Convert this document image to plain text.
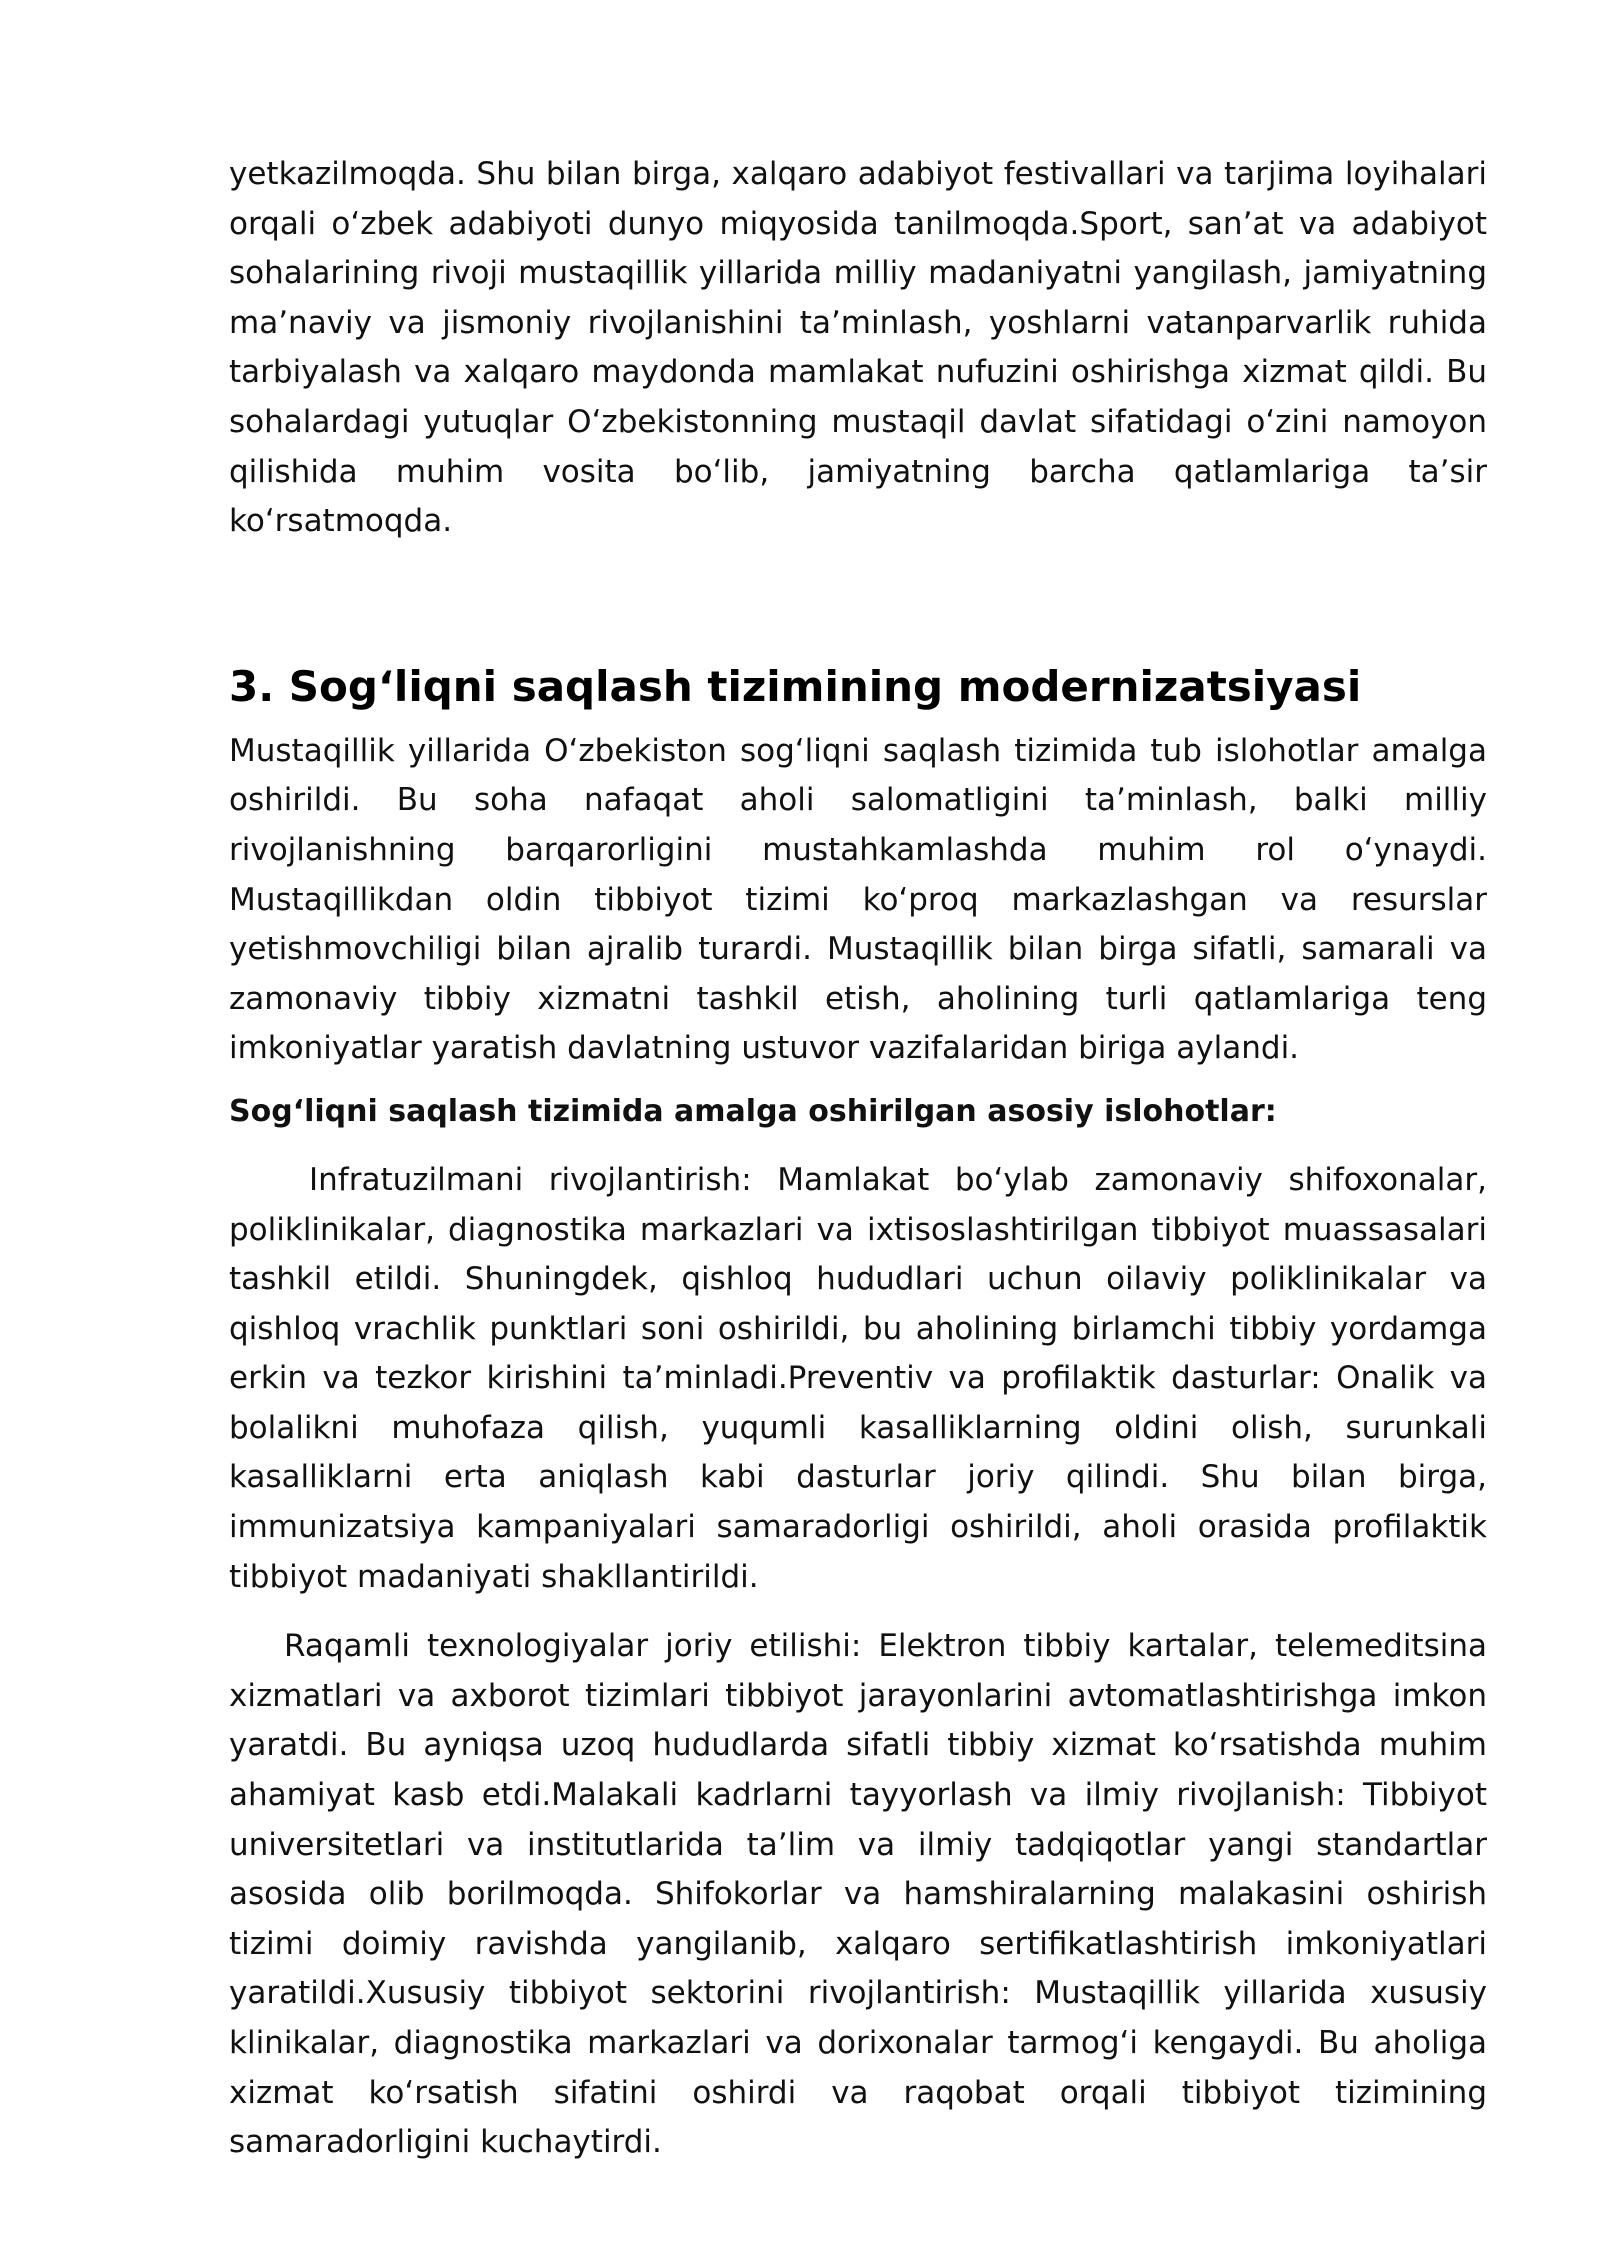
yetkazilmoqda. Shu bilan birga, xalqaro adabiyot festivallari va tarjima loyihalari orqali oʻzbek adabiyoti dunyo miqyosida tanilmoqda.Sport, san’at va adabiyot sohalarining rivoji mustaqillik yillarida milliy madaniyatni yangilash, jamiyatning ma’naviy va jismoniy rivojlanishini ta’minlash, yoshlarni vatanparvarlik ruhida tarbiyalash va xalqaro maydonda mamlakat nufuzini oshirishga xizmat qildi. Bu sohalardagi yutuqlar Oʻzbekistonning mustaqil davlat sifatidagi oʻzini namoyon qilishida muhim vosita boʻlib, jamiyatning barcha qatlamlariga ta’sir koʻrsatmoqda.

3. Sogʻliqni saqlash tizimining modernizatsiyasi

Mustaqillik yillarida Oʻzbekiston sogʻliqni saqlash tizimida tub islohotlar amalga oshirildi. Bu soha nafaqat aholi salomatligini ta’minlash, balki milliy rivojlanishning barqarorligini mustahkamlashda muhim rol oʻynaydi. Mustaqillikdan oldin tibbiyot tizimi koʻproq markazlashgan va resurslar yetishmovchiligi bilan ajralib turardi. Mustaqillik bilan birga sifatli, samarali va zamonaviy tibbiy xizmatni tashkil etish, aholining turli qatlamlariga teng imkoniyatlar yaratish davlatning ustuvor vazifalaridan biriga aylandi.

Sogʻliqni saqlash tizimida amalga oshirilgan asosiy islohotlar:

Infratuzilmani rivojlantirish: Mamlakat boʻylab zamonaviy shifoxonalar, poliklinikalar, diagnostika markazlari va ixtisoslashtirilgan tibbiyot muassasalari tashkil etildi. Shuningdek, qishloq hududlari uchun oilaviy poliklinikalar va qishloq vrachlik punktlari soni oshirildi, bu aholining birlamchi tibbiy yordamga erkin va tezkor kirishini ta’minladi.Preventiv va profilaktik dasturlar: Onalik va bolalikni muhofaza qilish, yuqumli kasalliklarning oldini olish, surunkali kasalliklarni erta aniqlash kabi dasturlar joriy qilindi. Shu bilan birga, immunizatsiya kampaniyalari samaradorligi oshirildi, aholi orasida profilaktik tibbiyot madaniyati shakllantirildi.

Raqamli texnologiyalar joriy etilishi: Elektron tibbiy kartalar, telemeditsina xizmatlari va axborot tizimlari tibbiyot jarayonlarini avtomatlashtirishga imkon yaratdi. Bu ayniqsa uzoq hududlarda sifatli tibbiy xizmat koʻrsatishda muhim ahamiyat kasb etdi.Malakali kadrlarni tayyorlash va ilmiy rivojlanish: Tibbiyot universitetlari va institutlarida ta’lim va ilmiy tadqiqotlar yangi standartlar asosida olib borilmoqda. Shifokorlar va hamshiralarning malakasini oshirish tizimi doimiy ravishda yangilanib, xalqaro sertifikatlashtirish imkoniyatlari yaratildi.Xususiy tibbiyot sektorini rivojlantirish: Mustaqillik yillarida xususiy klinikalar, diagnostika markazlari va dorixonalar tarmogʻi kengaydi. Bu aholiga xizmat koʻrsatish sifatini oshirdi va raqobat orqali tibbiyot tizimining samaradorligini kuchaytirdi.
